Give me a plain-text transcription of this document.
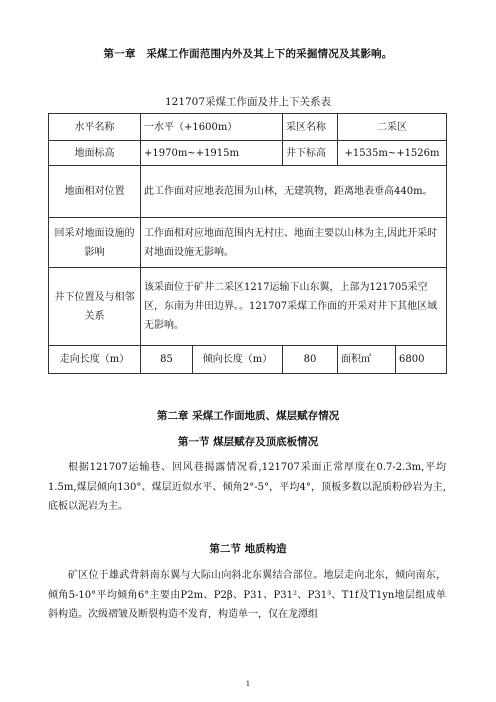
第一章　采煤工作面范围内外及其上下的采掘情况及其影响。
121707采煤工作面及井上下关系表
水平名称	一水平（+1600m）		采区名称	二采区	
地面标高	+1970m~+1915m		井下标高	+1535m~+1526m	
地面相对位置	此工作面对应地表范围为山林，无建筑物，距离地表垂高440m。				
回采对地面设施的影响	工作面相对应地面范围内无村庄、地面主要以山林为主,因此开采时对地面设施无影响。				
井下位置及与相邻关系	该采面位于矿井二采区1217运输下山东翼，上部为121705采空区，东南为井田边界。。121707采煤工作面的开采对井下其他区域无影响。				
走向长度（m）	85	倾向长度（m）	80	面积㎡	6800
第二章 采煤工作面地质、煤层赋存情况
第一节 煤层赋存及顶底板情况

根据121707运输巷、回风巷揭露情况看,121707采面正常厚度在0.7-2.3m,平均1.5m,煤层倾向130°、煤层近似水平、倾角2°-5°，平均4°，顶板多数以泥质粉砂岩为主,底板以泥岩为主。

第二节 地质构造

矿区位于雄武背斜南东翼与大际山向斜北东翼结合部位。地层走向北东，倾向南东，倾角5-10°平均倾角6°主要由P2m、P2β、P31、P31²、P31³、T1f及T1yn地层组成单斜构造。次级褶皱及断裂构造不发育，构造单一，仅在龙潭组

1
